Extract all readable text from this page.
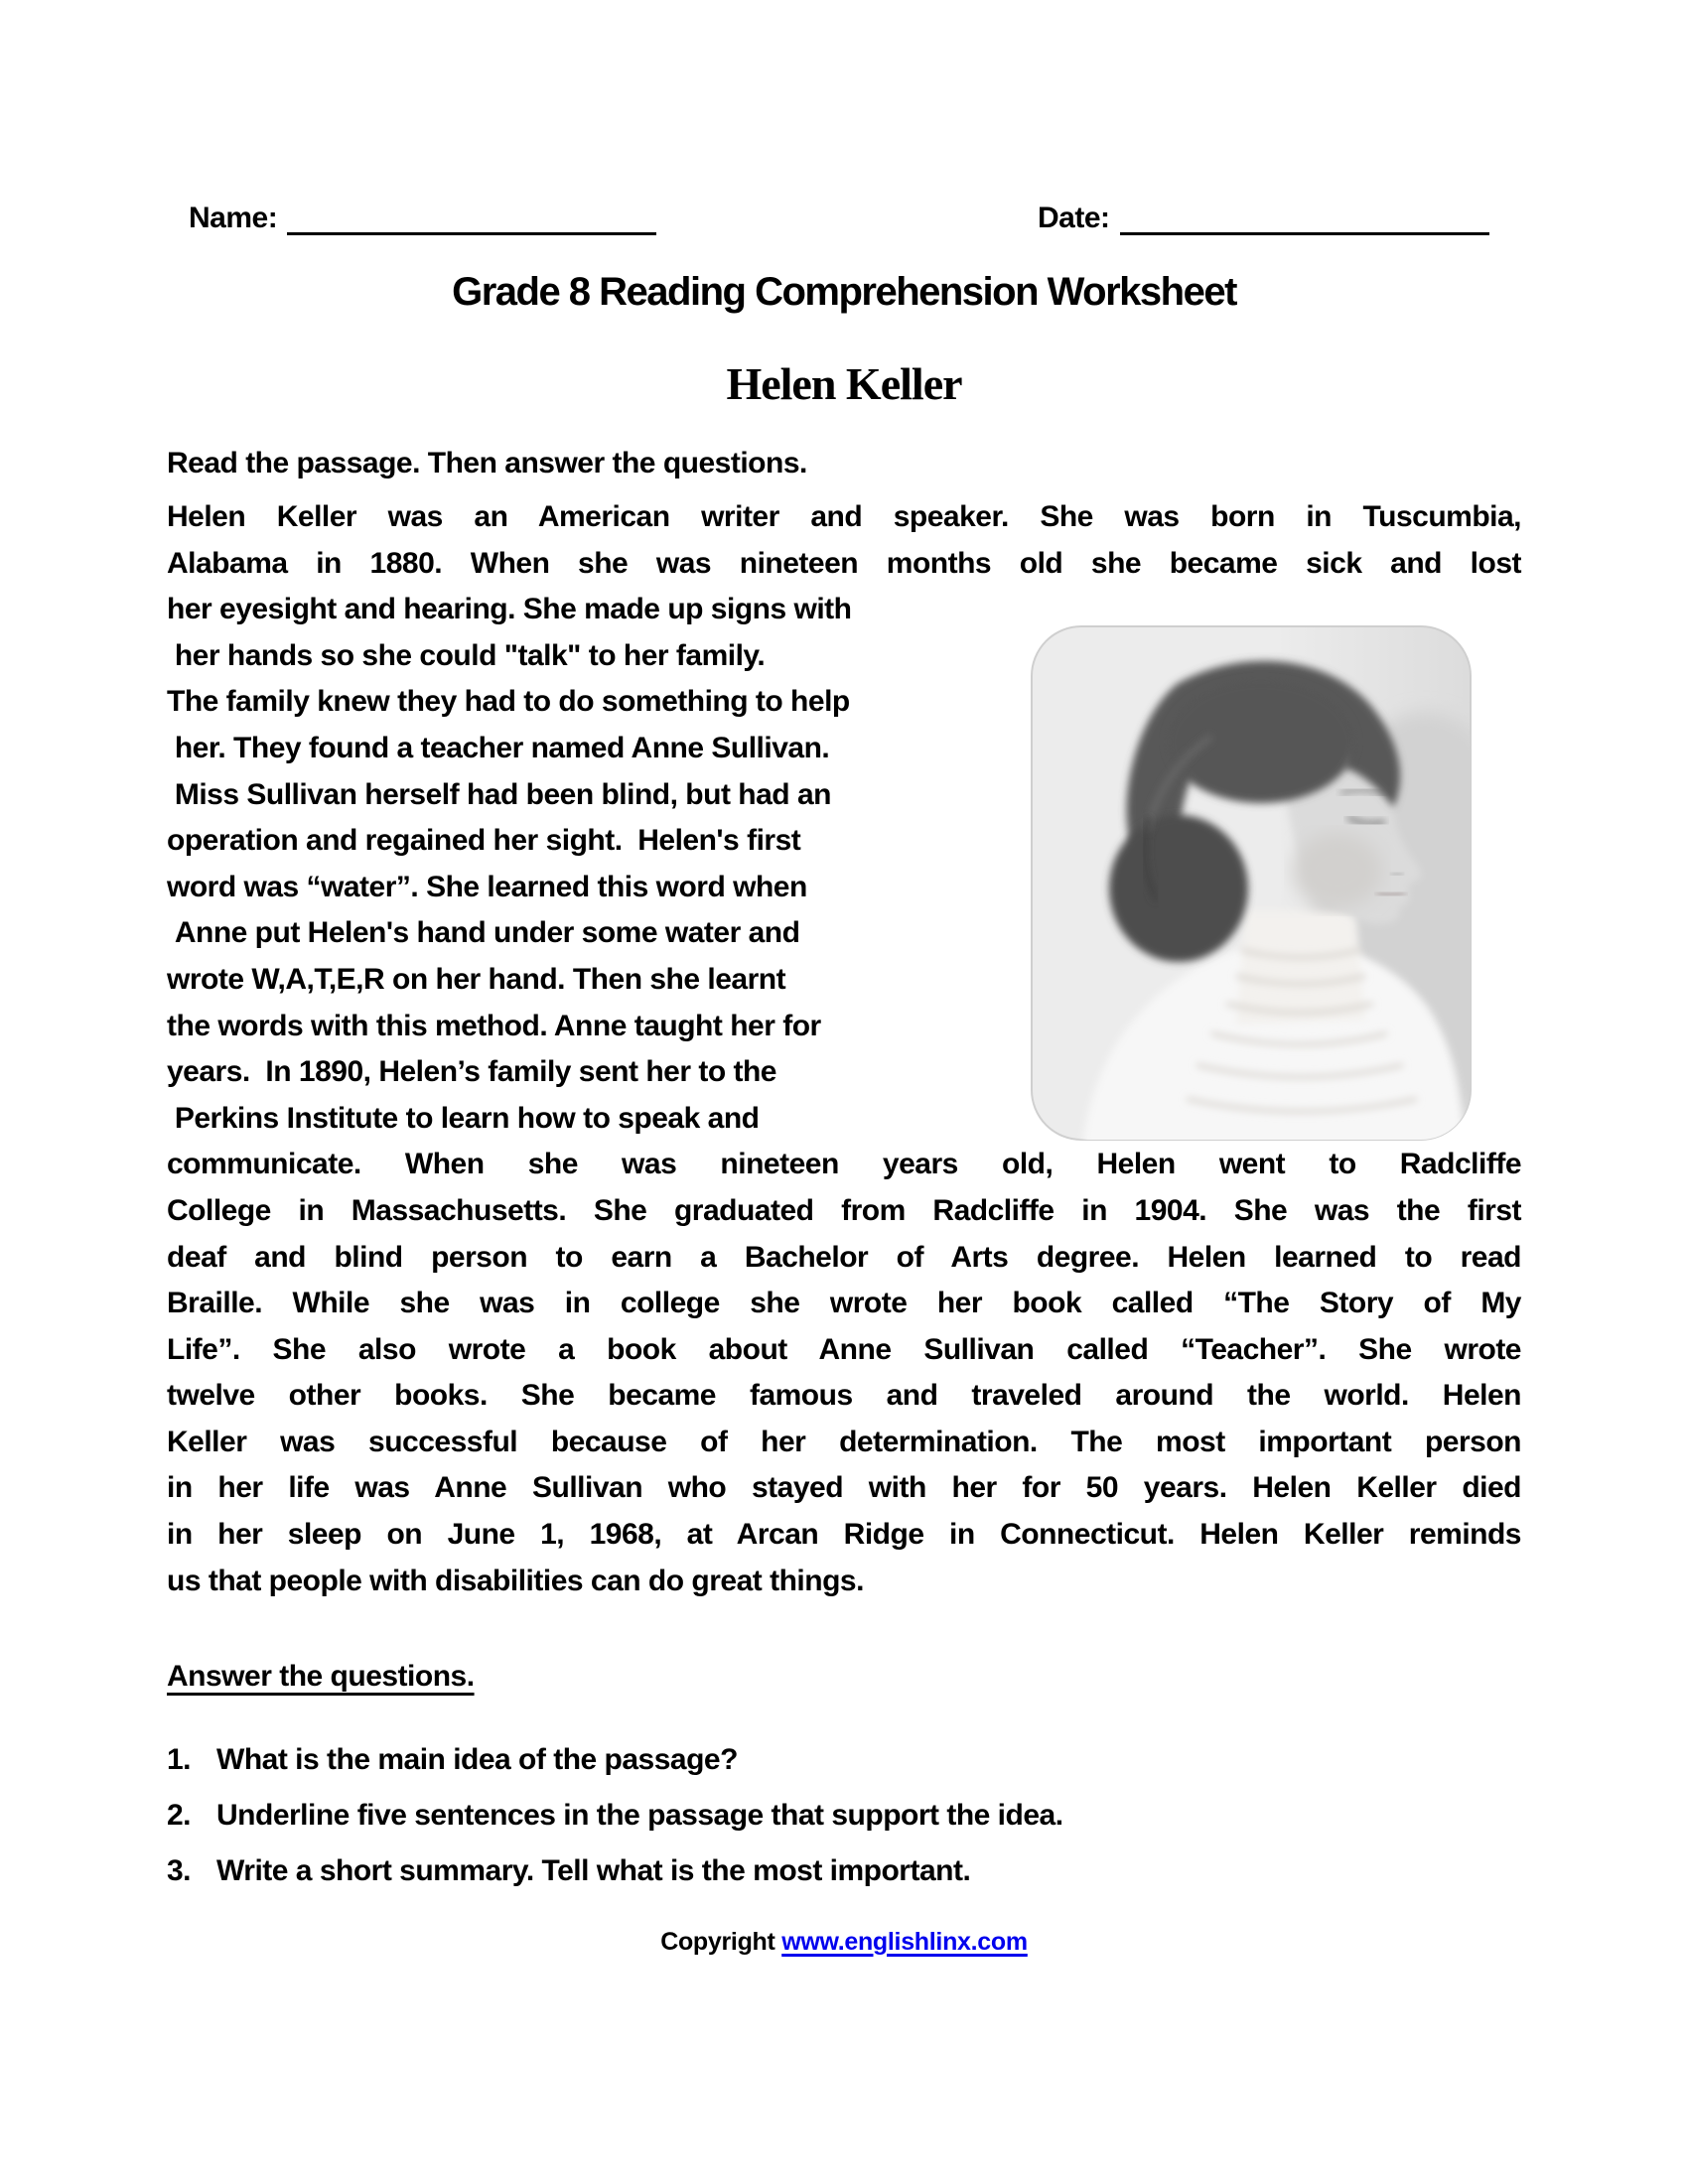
Name:	Date:
Grade 8 Reading Comprehension Worksheet
Helen Keller
Read the passage. Then answer the questions.
Helen Keller was an American writer and speaker. She was born in Tuscumbia,
Alabama in 1880. When she was nineteen months old she became sick and lost
her eyesight and hearing. She made up signs with
her hands so she could "talk" to her family.
The family knew they had to do something to help
her. They found a teacher named Anne Sullivan.
Miss Sullivan herself had been blind, but had an
operation and regained her sight.  Helen's first
word was “water”. She learned this word when
Anne put Helen's hand under some water and
wrote W,A,T,E,R on her hand. Then she learnt
the words with this method. Anne taught her for
years.  In 1890, Helen’s family sent her to the
Perkins Institute to learn how to speak and
communicate. When she was nineteen years old, Helen went to Radcliffe
College in Massachusetts. She graduated from Radcliffe in 1904. She was the first
deaf and blind person to earn a Bachelor of Arts degree. Helen learned to read
Braille. While she was in college she wrote her book called “The Story of My
Life”. She also wrote a book about Anne Sullivan called “Teacher”. She wrote
twelve other books. She became famous and traveled around the world. Helen
Keller was successful because of her determination. The most important person
in her life was Anne Sullivan who stayed with her for 50 years. Helen Keller died
in her sleep on June 1, 1968, at Arcan Ridge in Connecticut. Helen Keller reminds
us that people with disabilities can do great things.
Answer the questions.
1. What is the main idea of the passage?
2. Underline five sentences in the passage that support the idea.
3. Write a short summary. Tell what is the most important.
Copyright www.englishlinx.com
